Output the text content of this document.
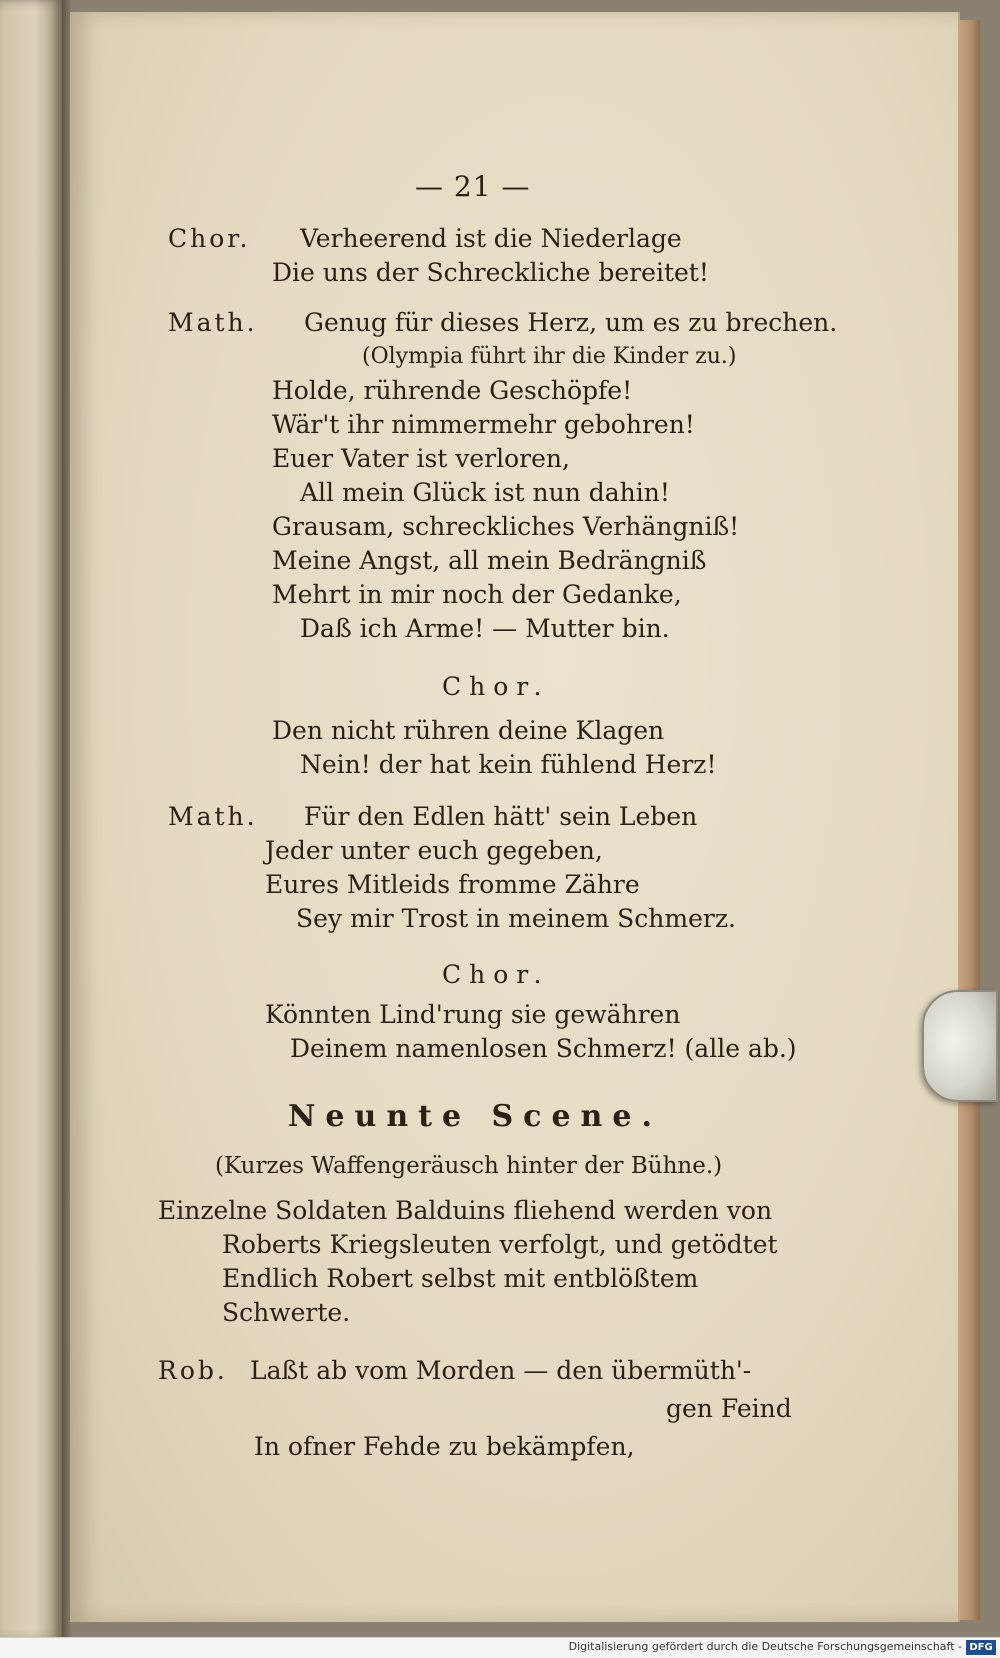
— 21 —
Chor. Verheerend ist die Niederlage
Die uns der Schreckliche bereitet!
Math. Genug für dieses Herz, um es zu brechen.
(Olympia führt ihr die Kinder zu.)
Holde, rührende Geschöpfe!
Wär't ihr nimmermehr gebohren!
Euer Vater ist verloren,
All mein Glück ist nun dahin!
Grausam, schreckliches Verhängniß!
Meine Angst, all mein Bedrängniß
Mehrt in mir noch der Gedanke,
Daß ich Arme! — Mutter bin.
Chor.
Den nicht rühren deine Klagen
Nein! der hat kein fühlend Herz!
Math. Für den Edlen hätt' sein Leben
Jeder unter euch gegeben,
Eures Mitleids fromme Zähre
Sey mir Trost in meinem Schmerz.
Chor.
Könnten Lind'rung sie gewähren
Deinem namenlosen Schmerz! (alle ab.)
Neunte Scene.
(Kurzes Waffengeräusch hinter der Bühne.)
Einzelne Soldaten Balduins fliehend werden von
Roberts Kriegsleuten verfolgt, und getödtet
Endlich Robert selbst mit entblößtem
Schwerte.
Rob. Laßt ab vom Morden — den übermüth'-
gen Feind
In ofner Fehde zu bekämpfen,
Digitalisierung gefördert durch die Deutsche Forschungsgemeinschaft - DFG
